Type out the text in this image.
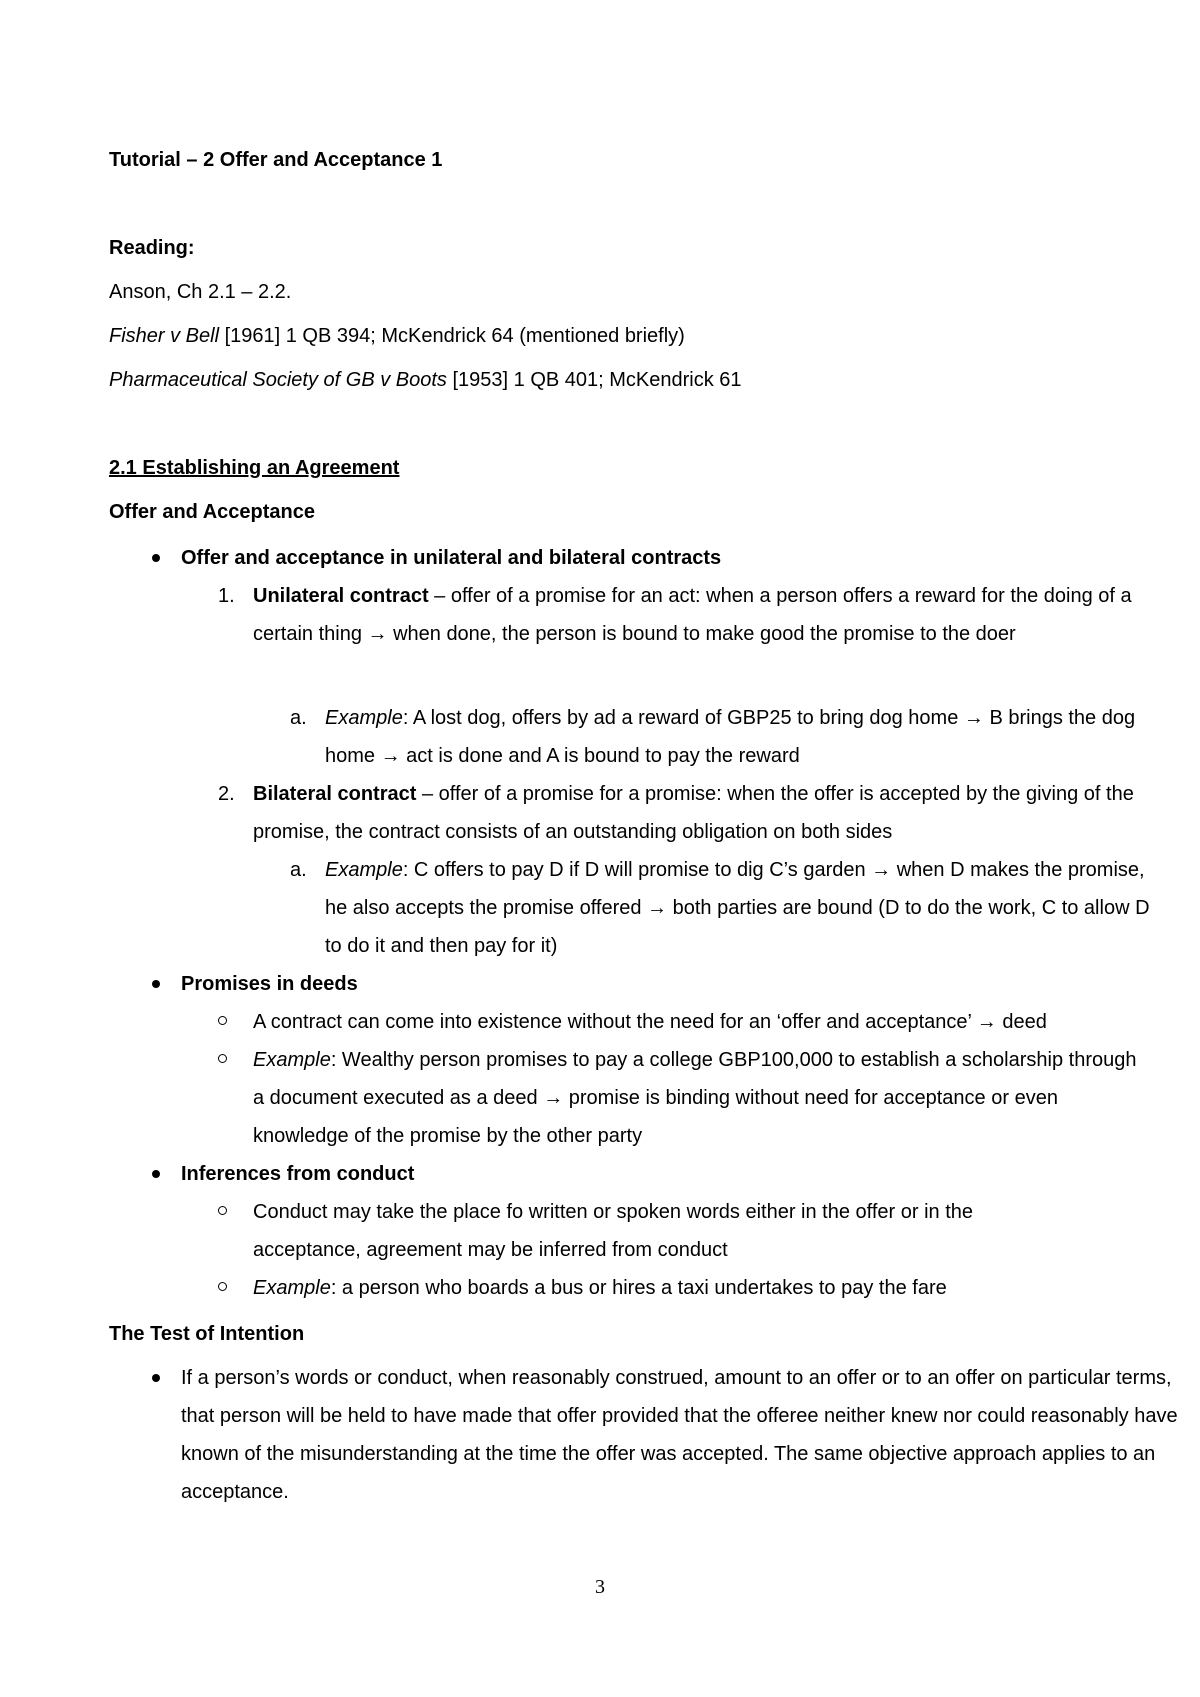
Tutorial – 2 Offer and Acceptance 1
Reading:
Anson, Ch 2.1 – 2.2.
Fisher v Bell [1961] 1 QB 394; McKendrick 64 (mentioned briefly)
Pharmaceutical Society of GB v Boots [1953] 1 QB 401; McKendrick 61
2.1 Establishing an Agreement
Offer and Acceptance
Offer and acceptance in unilateral and bilateral contracts
1. Unilateral contract – offer of a promise for an act: when a person offers a reward for the doing of a certain thing → when done, the person is bound to make good the promise to the doer
a. Example: A lost dog, offers by ad a reward of GBP25 to bring dog home → B brings the dog home → act is done and A is bound to pay the reward
2. Bilateral contract – offer of a promise for a promise: when the offer is accepted by the giving of the promise, the contract consists of an outstanding obligation on both sides
a. Example: C offers to pay D if D will promise to dig C’s garden → when D makes the promise, he also accepts the promise offered → both parties are bound (D to do the work, C to allow D to do it and then pay for it)
Promises in deeds
A contract can come into existence without the need for an ‘offer and acceptance’ → deed
Example: Wealthy person promises to pay a college GBP100,000 to establish a scholarship through a document executed as a deed → promise is binding without need for acceptance or even knowledge of the promise by the other party
Inferences from conduct
Conduct may take the place fo written or spoken words either in the offer or in the acceptance, agreement may be inferred from conduct
Example: a person who boards a bus or hires a taxi undertakes to pay the fare
The Test of Intention
If a person’s words or conduct, when reasonably construed, amount to an offer or to an offer on particular terms, that person will be held to have made that offer provided that the offeree neither knew nor could reasonably have known of the misunderstanding at the time the offer was accepted. The same objective approach applies to an acceptance.
3
